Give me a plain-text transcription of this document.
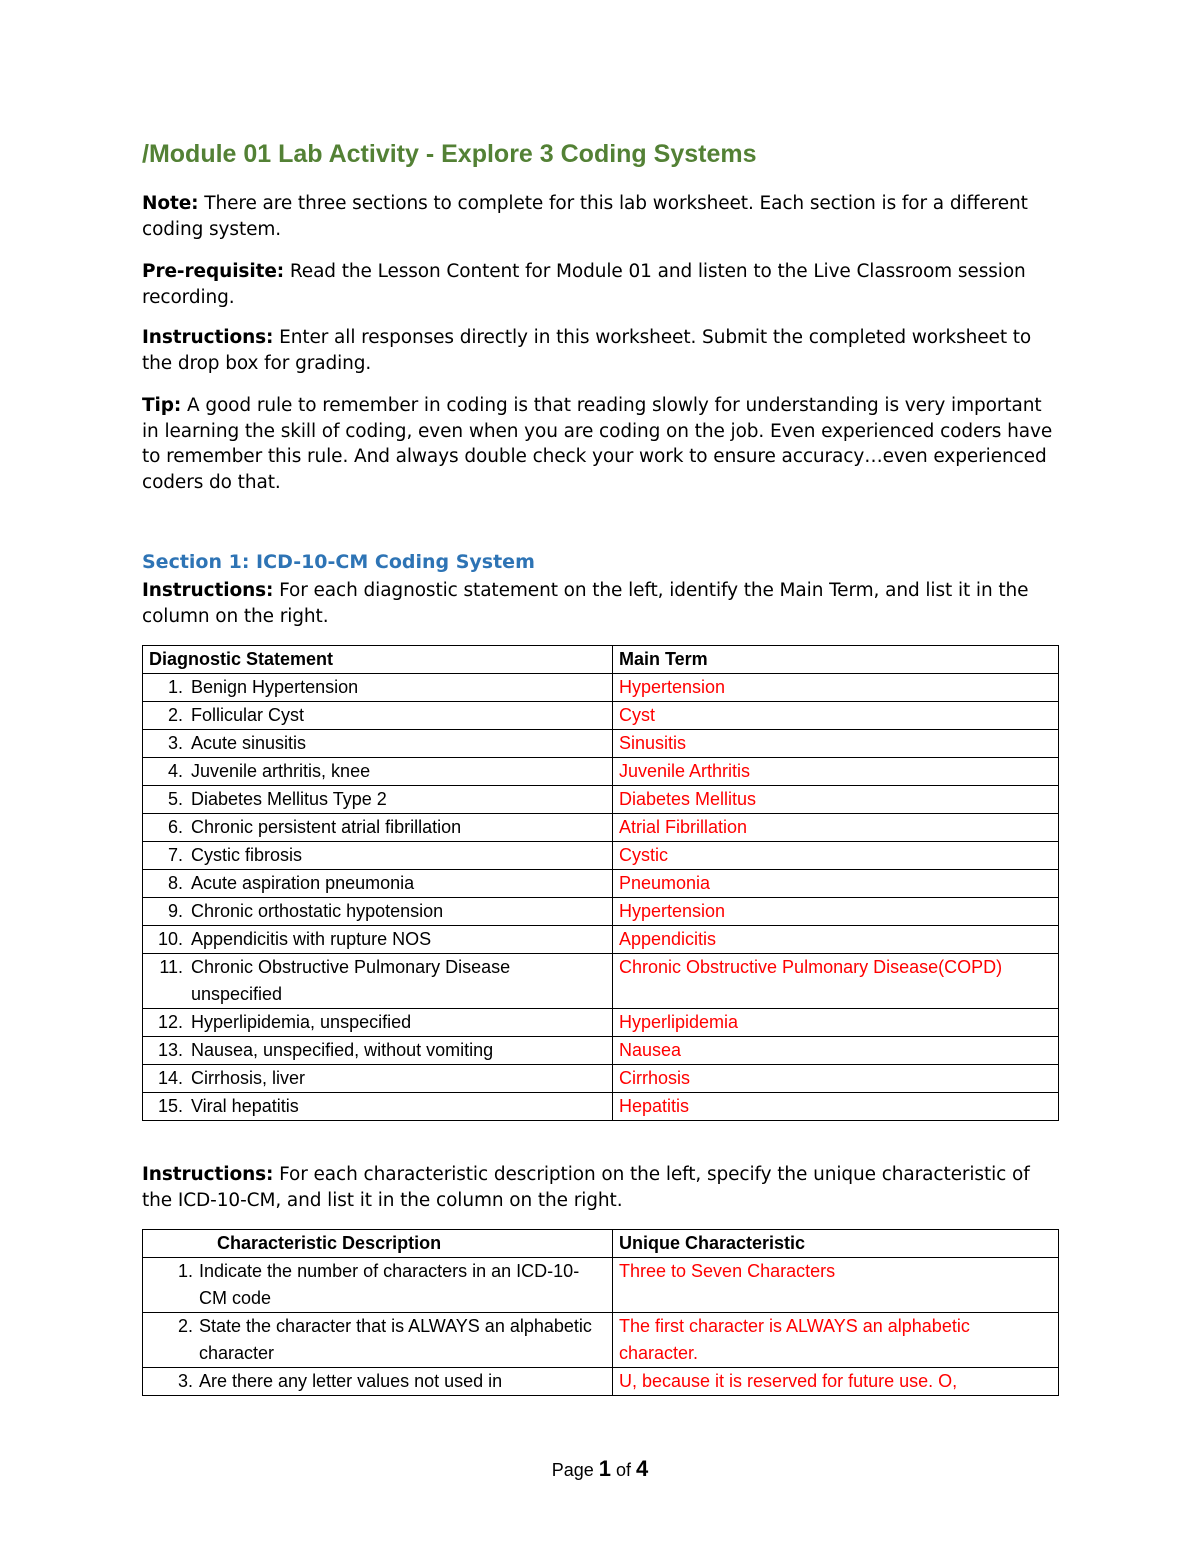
/Module 01 Lab Activity - Explore 3 Coding Systems

Note: There are three sections to complete for this lab worksheet. Each section is for a different coding system.

Pre-requisite: Read the Lesson Content for Module 01 and listen to the Live Classroom session recording.

Instructions: Enter all responses directly in this worksheet. Submit the completed worksheet to the drop box for grading.

Tip: A good rule to remember in coding is that reading slowly for understanding is very important in learning the skill of coding, even when you are coding on the job. Even experienced coders have to remember this rule. And always double check your work to ensure accuracy…even experienced coders do that.

Section 1: ICD-10-CM Coding System

Instructions: For each diagnostic statement on the left, identify the Main Term, and list it in the column on the right.

Diagnostic Statement	Main Term

1. Benign Hypertension	Hypertension

2. Follicular Cyst	Cyst

3. Acute sinusitis	Sinusitis

4. Juvenile arthritis, knee	Juvenile Arthritis

5. Diabetes Mellitus Type 2	Diabetes Mellitus

6. Chronic persistent atrial fibrillation	Atrial Fibrillation

7. Cystic fibrosis	Cystic

8. Acute aspiration pneumonia	Pneumonia

9. Chronic orthostatic hypotension	Hypertension

10. Appendicitis with rupture NOS	Appendicitis

11. Chronic Obstructive Pulmonary Disease unspecified	Chronic Obstructive Pulmonary Disease(COPD)

12. Hyperlipidemia, unspecified	Hyperlipidemia

13. Nausea, unspecified, without vomiting	Nausea

14. Cirrhosis, liver	Cirrhosis

15. Viral hepatitis	Hepatitis

Instructions: For each characteristic description on the left, specify the unique characteristic of the ICD-10-CM, and list it in the column on the right.

Characteristic Description	Unique Characteristic

1. Indicate the number of characters in an ICD-10-CM code	Three to Seven Characters

2. State the character that is ALWAYS an alphabetic character	The first character is ALWAYS an alphabetic character.

3. Are there any letter values not used in	U, because it is reserved for future use. O,
Page 1 of 4
